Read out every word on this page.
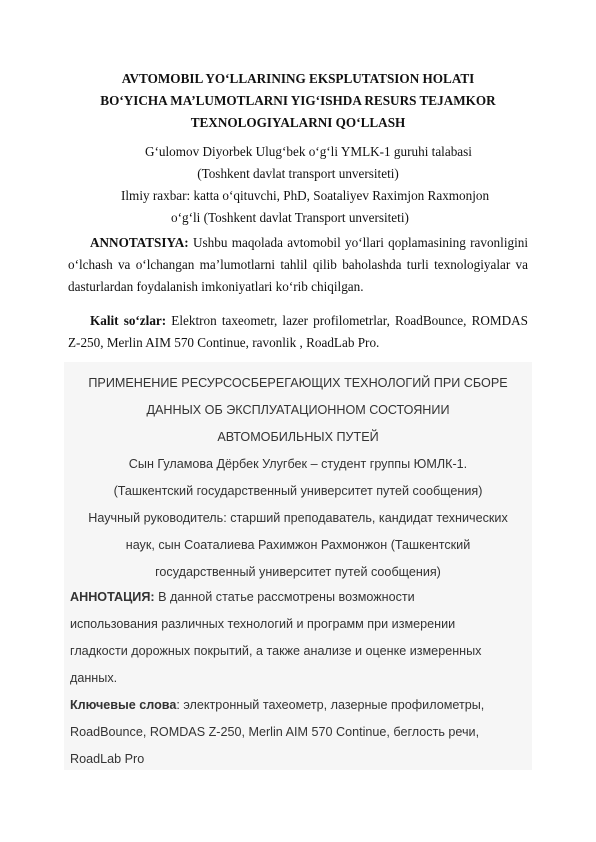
AVTOMOBIL YO‘LLARINING EKSPLUTATSION HOLATI
BO‘YICHA MA’LUMOTLARNI YIG‘ISHDA RESURS TEJAMKOR
TEXNOLOGIYALARNI QO‘LLASH
G‘ulomov Diyorbek Ulug‘bek o‘g‘li YMLK-1 guruhi talabasi
(Toshkent davlat transport unversiteti)
Ilmiy raxbar: katta o‘qituvchi, PhD, Soataliyev Raximjon Raxmonjon
o‘g‘li (Toshkent davlat Transport unversiteti)

ANNOTATSIYA: Ushbu maqolada avtomobil yo‘llari qoplamasining ravonligini o‘lchash va o‘lchangan ma’lumotlarni tahlil qilib baholashda turli texnologiyalar va dasturlardan foydalanish imkoniyatlari ko‘rib chiqilgan.

Kalit so‘zlar: Elektron taxeometr, lazer profilometrlar, RoadBounce, ROMDAS Z-250, Merlin AIM 570 Continue, ravonlik , RoadLab Pro.

ПРИМЕНЕНИЕ РЕСУРСОСБЕРЕГАЮЩИХ ТЕХНОЛОГИЙ ПРИ СБОРЕ
ДАННЫХ ОБ ЭКСПЛУАТАЦИОННОМ СОСТОЯНИИ
АВТОМОБИЛЬНЫХ ПУТЕЙ
Сын Гуламова Дёрбек Улугбек – студент группы ЮМЛК-1.
(Ташкентский государственный университет путей сообщения)
Научный руководитель: старший преподаватель, кандидат технических
наук, сын Соаталиева Рахимжон Рахмонжон (Ташкентский
государственный университет путей сообщения)
АННОТАЦИЯ: В данной статье рассмотрены возможности
использования различных технологий и программ при измерении
гладкости дорожных покрытий, а также анализе и оценке измеренных
данных.
Ключевые слова: электронный тахеометр, лазерные профилометры,
RoadBounce, ROMDAS Z-250, Merlin AIM 570 Continue, беглость речи,
RoadLab Pro
